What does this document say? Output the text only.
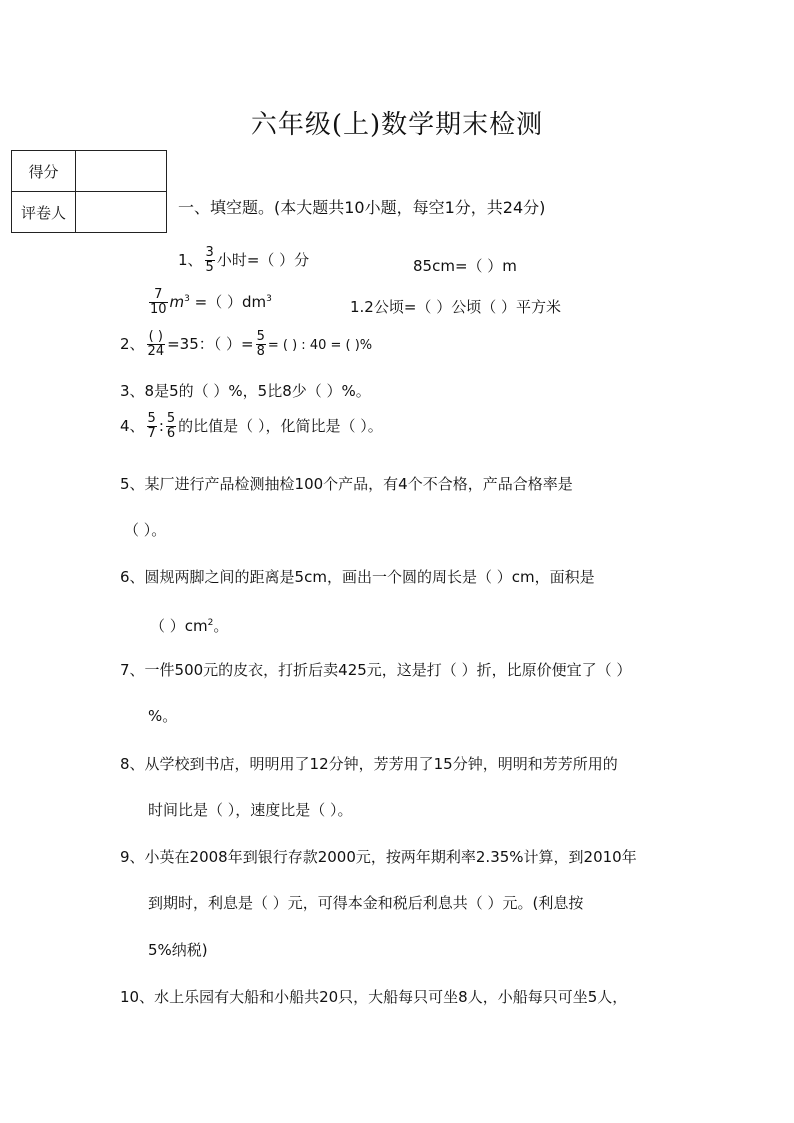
六年级(上)数学期末检测
得分	
评卷人		一、填空题。(本大题共10小题，每空1分，共24分)
1、 $\frac{3}{5}$ 小时=（ ）分	85cm=（ ）m
$\frac{7}{10} m^3$ =（ ）$dm^3$	1.2公顷=（ ）公顷（ ）平方米
2、 $\frac{( )}{24} =35$：（ ）= $\frac{5}{8}$ = ( ) : 40 = ( )%
3、8是5的（ ）%，5比8少（ ）%。
4、 $\frac{5}{7}$ : $\frac{5}{6}$ 的比值是（ ），化简比是（ ）。
5、某厂进行产品检测抽检100个产品，有4个不合格，产品合格率是
（ ）。
6、圆规两脚之间的距离是5cm，画出一个圆的周长是（ ）cm，面积是
（ ）$cm^2$。
7、一件500元的皮衣，打折后卖425元，这是打（ ）折，比原价便宜了（ ）
%。
8、从学校到书店，明明用了12分钟，芳芳用了15分钟，明明和芳芳所用的
时间比是（ ），速度比是（ ）。
9、小英在2008年到银行存款2000元，按两年期利率2.35%计算，到2010年
到期时，利息是（ ）元，可得本金和税后利息共（ ）元。(利息按
5%纳税)
10、水上乐园有大船和小船共20只，大船每只可坐8人，小船每只可坐5人，
